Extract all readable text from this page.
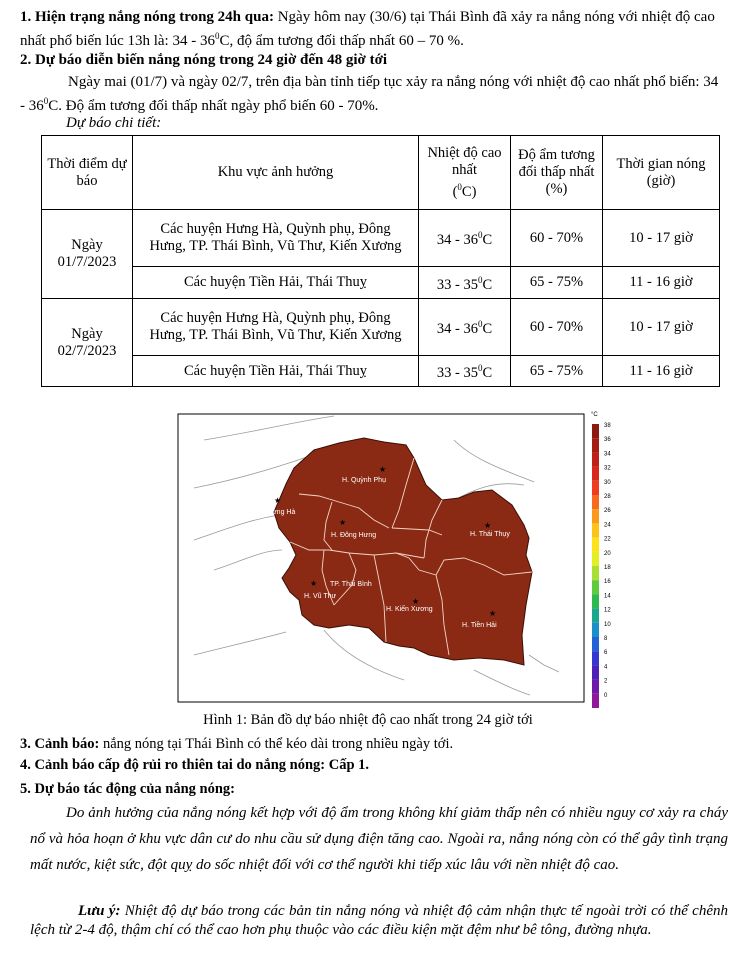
1. Hiện trạng nắng nóng trong 24h qua: Ngày hôm nay (30/6) tại Thái Bình đã xảy ra nắng nóng với nhiệt độ cao nhất phổ biến lúc 13h là: $34 - 36^0C$, độ ẩm tương đối thấp nhất 60 – 70 %.
2. Dự báo diễn biến nắng nóng trong 24 giờ đến 48 giờ tới
Ngày mai (01/7) và ngày 02/7, trên địa bàn tỉnh tiếp tục xảy ra nắng nóng với nhiệt độ cao nhất phổ biến: $34 - 36^0C$. Độ ẩm tương đối thấp nhất ngày phổ biến 60 - 70%.
Dự báo chi tiết:
Thời điểm dự báo	Khu vực ảnh hưởng	Nhiệt độ cao nhất
($^0$C)	Độ ẩm tương đối thấp nhất (%)	Thời gian nóng (giờ)
Ngày 01/7/2023	Các huyện Hưng Hà, Quỳnh phụ, Đông Hưng, TP. Thái Bình, Vũ Thư, Kiến Xương	$34 - 36^0C$	60 - 70%	10 - 17 giờ
	Các huyện Tiền Hải, Thái Thuỵ	$33 - 35^0C$	65 - 75%	11 - 16 giờ
Ngày 02/7/2023	Các huyện Hưng Hà, Quỳnh phụ, Đông Hưng, TP. Thái Bình, Vũ Thư, Kiến Xương	$34 - 36^0C$	60 - 70%	10 - 17 giờ
	Các huyện Tiền Hải, Thái Thuỵ	$33 - 35^0C$	65 - 75%	11 - 16 giờ
★
H. Quỳnh Phụ
★
H. Hưng Hà
★
H. Đông Hưng
★
H. Thái Thụy
★ TP. Thái Bình
H. Vũ Thư
★
H. Kiến Xương	★
H. Tiền Hải
°C
38
36
34
32
30
28
26
24
22
20
18
16
14
12
10
8
6
4
2
0
Hình 1: Bản đồ dự báo nhiệt độ cao nhất trong 24 giờ tới
3. Cảnh báo: nắng nóng tại Thái Bình có thể kéo dài trong nhiều ngày tới.
4. Cảnh báo cấp độ rủi ro thiên tai do nắng nóng: Cấp 1.
5. Dự báo tác động của nắng nóng:
Do ảnh hưởng của nắng nóng kết hợp với độ ẩm trong không khí giảm thấp nên có nhiều nguy cơ xảy ra cháy nổ và hỏa hoạn ở khu vực dân cư do nhu cầu sử dụng điện tăng cao. Ngoài ra, nắng nóng còn có thể gây tình trạng mất nước, kiệt sức, đột quỵ do sốc nhiệt đối với cơ thể người khi tiếp xúc lâu với nền nhiệt độ cao.
Lưu ý: Nhiệt độ dự báo trong các bản tin nắng nóng và nhiệt độ cảm nhận thực tế ngoài trời có thể chênh lệch từ 2-4 độ, thậm chí có thể cao hơn phụ thuộc vào các điều kiện mặt đệm như bê tông, đường nhựa.
